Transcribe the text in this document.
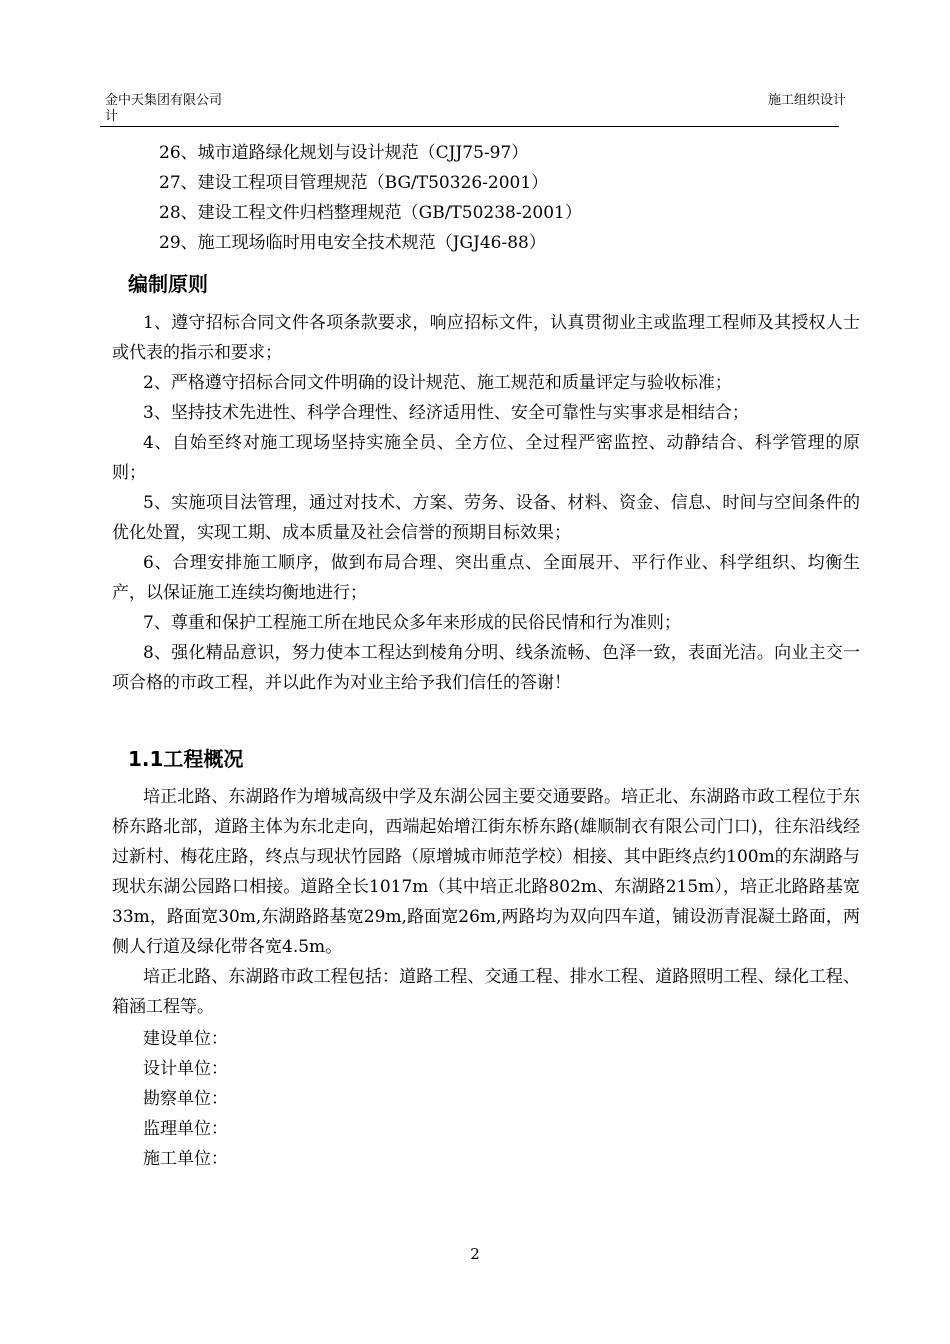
金中天集团有限公司
计
施工组织设计

26、城市道路绿化规划与设计规范（CJJ75-97）

27、建设工程项目管理规范（BG/T50326-2001）

28、建设工程文件归档整理规范（GB/T50238-2001）

29、施工现场临时用电安全技术规范（JGJ46-88）

编制原则

1、遵守招标合同文件各项条款要求，响应招标文件，认真贯彻业主或监理工程师及其授权人士或代表的指示和要求；

2、严格遵守招标合同文件明确的设计规范、施工规范和质量评定与验收标准；

3、坚持技术先进性、科学合理性、经济适用性、安全可靠性与实事求是相结合；

4、自始至终对施工现场坚持实施全员、全方位、全过程严密监控、动静结合、科学管理的原则；

5、实施项目法管理，通过对技术、方案、劳务、设备、材料、资金、信息、时间与空间条件的优化处置，实现工期、成本质量及社会信誉的预期目标效果；

6、合理安排施工顺序，做到布局合理、突出重点、全面展开、平行作业、科学组织、均衡生产，以保证施工连续均衡地进行；

7、尊重和保护工程施工所在地民众多年来形成的民俗民情和行为准则；

8、强化精品意识，努力使本工程达到棱角分明、线条流畅、色泽一致，表面光洁。向业主交一项合格的市政工程，并以此作为对业主给予我们信任的答谢！

1.1工程概况

培正北路、东湖路作为增城高级中学及东湖公园主要交通要路。培正北、东湖路市政工程位于东桥东路北部，道路主体为东北走向，西端起始增江街东桥东路(雄顺制衣有限公司门口)，往东沿线经过新村、梅花庄路，终点与现状竹园路（原增城市师范学校）相接、其中距终点约100m的东湖路与现状东湖公园路口相接。道路全长1017m（其中培正北路802m、东湖路215m），培正北路路基宽33m，路面宽30m,东湖路路基宽29m,路面宽26m,两路均为双向四车道，铺设沥青混凝土路面，两侧人行道及绿化带各宽4.5m。

培正北路、东湖路市政工程包括：道路工程、交通工程、排水工程、道路照明工程、绿化工程、箱涵工程等。

建设单位：

设计单位：

勘察单位：

监理单位：

施工单位：

2
